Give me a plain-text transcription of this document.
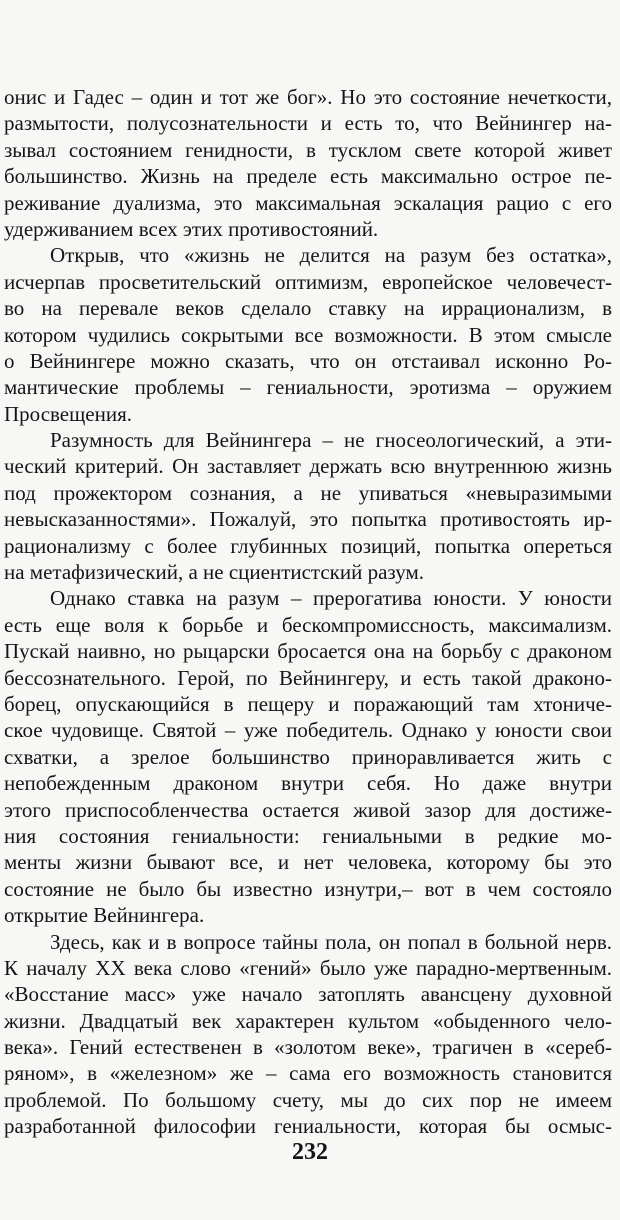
онис и Гадес – один и тот же бог». Но это состояние нечеткости,
размытости, полусознательности и есть то, что Вейнингер на-
зывал состоянием генидности, в тусклом свете которой живет
большинство. Жизнь на пределе есть максимально острое пе-
реживание дуализма, это максимальная эскалация рацио с его
удерживанием всех этих противостояний.
Открыв, что «жизнь не делится на разум без остатка»,
исчерпав просветительский оптимизм, европейское человечест-
во на перевале веков сделало ставку на иррационализм, в
котором чудились сокрытыми все возможности. В этом смысле
о Вейнингере можно сказать, что он отстаивал исконно Ро-
мантические проблемы – гениальности, эротизма – оружием
Просвещения.
Разумность для Вейнингера – не гносеологический, а эти-
ческий критерий. Он заставляет держать всю внутреннюю жизнь
под прожектором сознания, а не упиваться «невыразимыми
невысказанностями». Пожалуй, это попытка противостоять ир-
рационализму с более глубинных позиций, попытка опереться
на метафизический, а не сциентистский разум.
Однако ставка на разум – прерогатива юности. У юности
есть еще воля к борьбе и бескомпромиссность, максимализм.
Пускай наивно, но рыцарски бросается она на борьбу с драконом
бессознательного. Герой, по Вейнингеру, и есть такой драконо-
борец, опускающийся в пещеру и поражающий там хтониче-
ское чудовище. Святой – уже победитель. Однако у юности свои
схватки, а зрелое большинство приноравливается жить с
непобежденным драконом внутри себя. Но даже внутри
этого приспособленчества остается живой зазор для достиже-
ния состояния гениальности: гениальными в редкие мо-
менты жизни бывают все, и нет человека, которому бы это
состояние не было бы известно изнутри,– вот в чем состояло
открытие Вейнингера.
Здесь, как и в вопросе тайны пола, он попал в больной нерв.
К началу XX века слово «гений» было уже парадно-мертвенным.
«Восстание масс» уже начало затоплять авансцену духовной
жизни. Двадцатый век характерен культом «обыденного чело-
века». Гений естественен в «золотом веке», трагичен в «сереб-
ряном», в «железном» же – сама его возможность становится
проблемой. По большому счету, мы до сих пор не имеем
разработанной философии гениальности, которая бы осмыс-
232
